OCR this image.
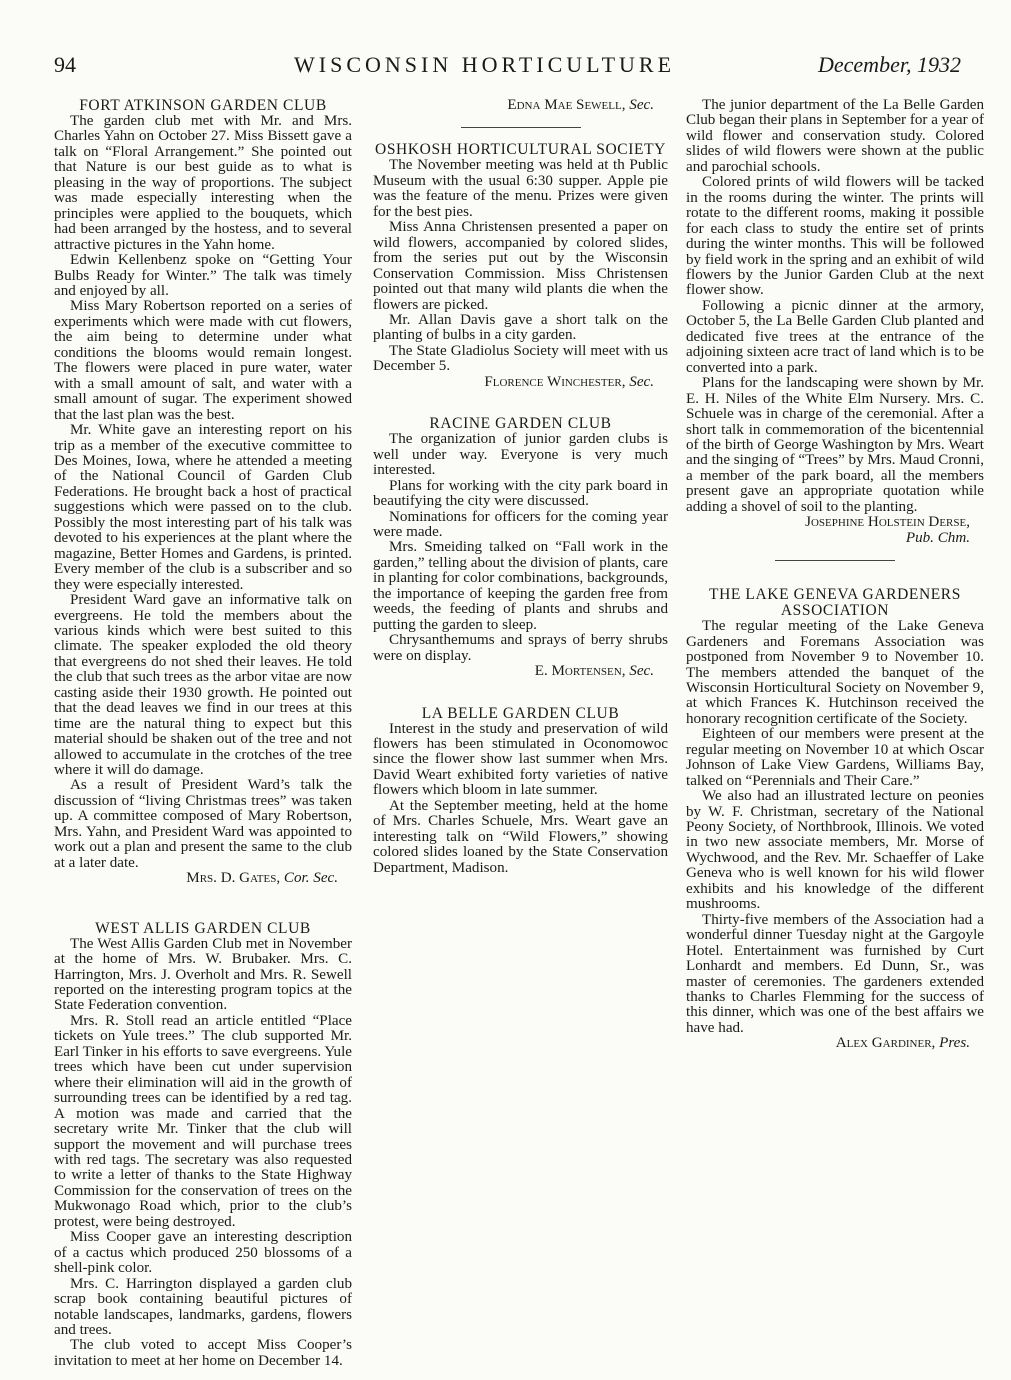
94	WISCONSIN HORTICULTURE	December, 1932
FORT ATKINSON GARDEN CLUB

The garden club met with Mr. and Mrs. Charles Yahn on October 27. Miss Bissett gave a talk on “Floral Arrangement.” She pointed out that Nature is our best guide as to what is pleasing in the way of proportions. The subject was made especially interesting when the principles were applied to the bouquets, which had been arranged by the hostess, and to several attractive pictures in the Yahn home.

Edwin Kellenbenz spoke on “Getting Your Bulbs Ready for Winter.” The talk was timely and enjoyed by all.

Miss Mary Robertson reported on a series of experiments which were made with cut flowers, the aim being to determine under what conditions the blooms would remain longest. The flowers were placed in pure water, water with a small amount of salt, and water with a small amount of sugar. The experiment showed that the last plan was the best.

Mr. White gave an interesting report on his trip as a member of the executive committee to Des Moines, Iowa, where he attended a meeting of the National Council of Garden Club Federations. He brought back a host of practical suggestions which were passed on to the club. Possibly the most interesting part of his talk was devoted to his experiences at the plant where the magazine, Better Homes and Gardens, is printed. Every member of the club is a subscriber and so they were especially interested.

President Ward gave an informative talk on evergreens. He told the members about the various kinds which were best suited to this climate. The speaker exploded the old theory that evergreens do not shed their leaves. He told the club that such trees as the arbor vitae are now casting aside their 1930 growth. He pointed out that the dead leaves we find in our trees at this time are the natural thing to expect but this material should be shaken out of the tree and not allowed to accumulate in the crotches of the tree where it will do damage.

As a result of President Ward’s talk the discussion of “living Christmas trees” was taken up. A committee composed of Mary Robertson, Mrs. Yahn, and President Ward was appointed to work out a plan and present the same to the club at a later date.

Mrs. D. Gates, Cor. Sec.
WEST ALLIS GARDEN CLUB

The West Allis Garden Club met in November at the home of Mrs. W. Brubaker. Mrs. C. Harrington, Mrs. J. Overholt and Mrs. R. Sewell reported on the interesting program topics at the State Federation convention.

Mrs. R. Stoll read an article entitled “Place tickets on Yule trees.” The club supported Mr. Earl Tinker in his efforts to save evergreens. Yule trees which have been cut under supervision where their elimination will aid in the growth of surrounding trees can be identified by a red tag. A motion was made and carried that the secretary write Mr. Tinker that the club will support the movement and will purchase trees with red tags. The secretary was also requested to write a letter of thanks to the State Highway Commission for the conservation of trees on the Mukwonago Road which, prior to the club’s protest, were being destroyed.

Miss Cooper gave an interesting description of a cactus which produced 250 blossoms of a shell-pink color.

Mrs. C. Harrington displayed a garden club scrap book containing beautiful pictures of notable landscapes, landmarks, gardens, flowers and trees.

The club voted to accept Miss Cooper’s invitation to meet at her home on December 14.

Edna Mae Sewell, Sec.
OSHKOSH HORTICULTURAL SOCIETY

The November meeting was held at th Public Museum with the usual 6:30 supper. Apple pie was the feature of the menu. Prizes were given for the best pies.

Miss Anna Christensen presented a paper on wild flowers, accompanied by colored slides, from the series put out by the Wisconsin Conservation Commission. Miss Christensen pointed out that many wild plants die when the flowers are picked.

Mr. Allan Davis gave a short talk on the planting of bulbs in a city garden.

The State Gladiolus Society will meet with us December 5.

Florence Winchester, Sec.
RACINE GARDEN CLUB

The organization of junior garden clubs is well under way. Everyone is very much interested.

Plans for working with the city park board in beautifying the city were discussed.

Nominations for officers for the coming year were made.

Mrs. Smeiding talked on “Fall work in the garden,” telling about the division of plants, care in planting for color combinations, backgrounds, the importance of keeping the garden free from weeds, the feeding of plants and shrubs and putting the garden to sleep.

Chrysanthemums and sprays of berry shrubs were on display.

E. Mortensen, Sec.
LA BELLE GARDEN CLUB

Interest in the study and preservation of wild flowers has been stimulated in Oconomowoc since the flower show last summer when Mrs. David Weart exhibited forty varieties of native flowers which bloom in late summer.

At the September meeting, held at the home of Mrs. Charles Schuele, Mrs. Weart gave an interesting talk on “Wild Flowers,” showing colored slides loaned by the State Conservation Department, Madison.

The junior department of the La Belle Garden Club began their plans in September for a year of wild flower and conservation study. Colored slides of wild flowers were shown at the public and parochial schools.

Colored prints of wild flowers will be tacked in the rooms during the winter. The prints will rotate to the different rooms, making it possible for each class to study the entire set of prints during the winter months. This will be followed by field work in the spring and an exhibit of wild flowers by the Junior Garden Club at the next flower show.

Following a picnic dinner at the armory, October 5, the La Belle Garden Club planted and dedicated five trees at the entrance of the adjoining sixteen acre tract of land which is to be converted into a park.

Plans for the landscaping were shown by Mr. E. H. Niles of the White Elm Nursery. Mrs. C. Schuele was in charge of the ceremonial. After a short talk in commemoration of the bicentennial of the birth of George Washington by Mrs. Weart and the singing of “Trees” by Mrs. Maud Cronni, a member of the park board, all the members present gave an appropriate quotation while adding a shovel of soil to the planting.

Josephine Holstein Derse,
Pub. Chm.
THE LAKE GENEVA GARDENERS ASSOCIATION

The regular meeting of the Lake Geneva Gardeners and Foremans Association was postponed from November 9 to November 10. The members attended the banquet of the Wisconsin Horticultural Society on November 9, at which Frances K. Hutchinson received the honorary recognition certificate of the Society.

Eighteen of our members were present at the regular meeting on November 10 at which Oscar Johnson of Lake View Gardens, Williams Bay, talked on “Perennials and Their Care.”

We also had an illustrated lecture on peonies by W. F. Christman, secretary of the National Peony Society, of Northbrook, Illinois. We voted in two new associate members, Mr. Morse of Wychwood, and the Rev. Mr. Schaeffer of Lake Geneva who is well known for his wild flower exhibits and his knowledge of the different mushrooms.

Thirty-five members of the Association had a wonderful dinner Tuesday night at the Gargoyle Hotel. Entertainment was furnished by Curt Lonhardt and members. Ed Dunn, Sr., was master of ceremonies. The gardeners extended thanks to Charles Flemming for the success of this dinner, which was one of the best affairs we have had.

Alex Gardiner, Pres.
